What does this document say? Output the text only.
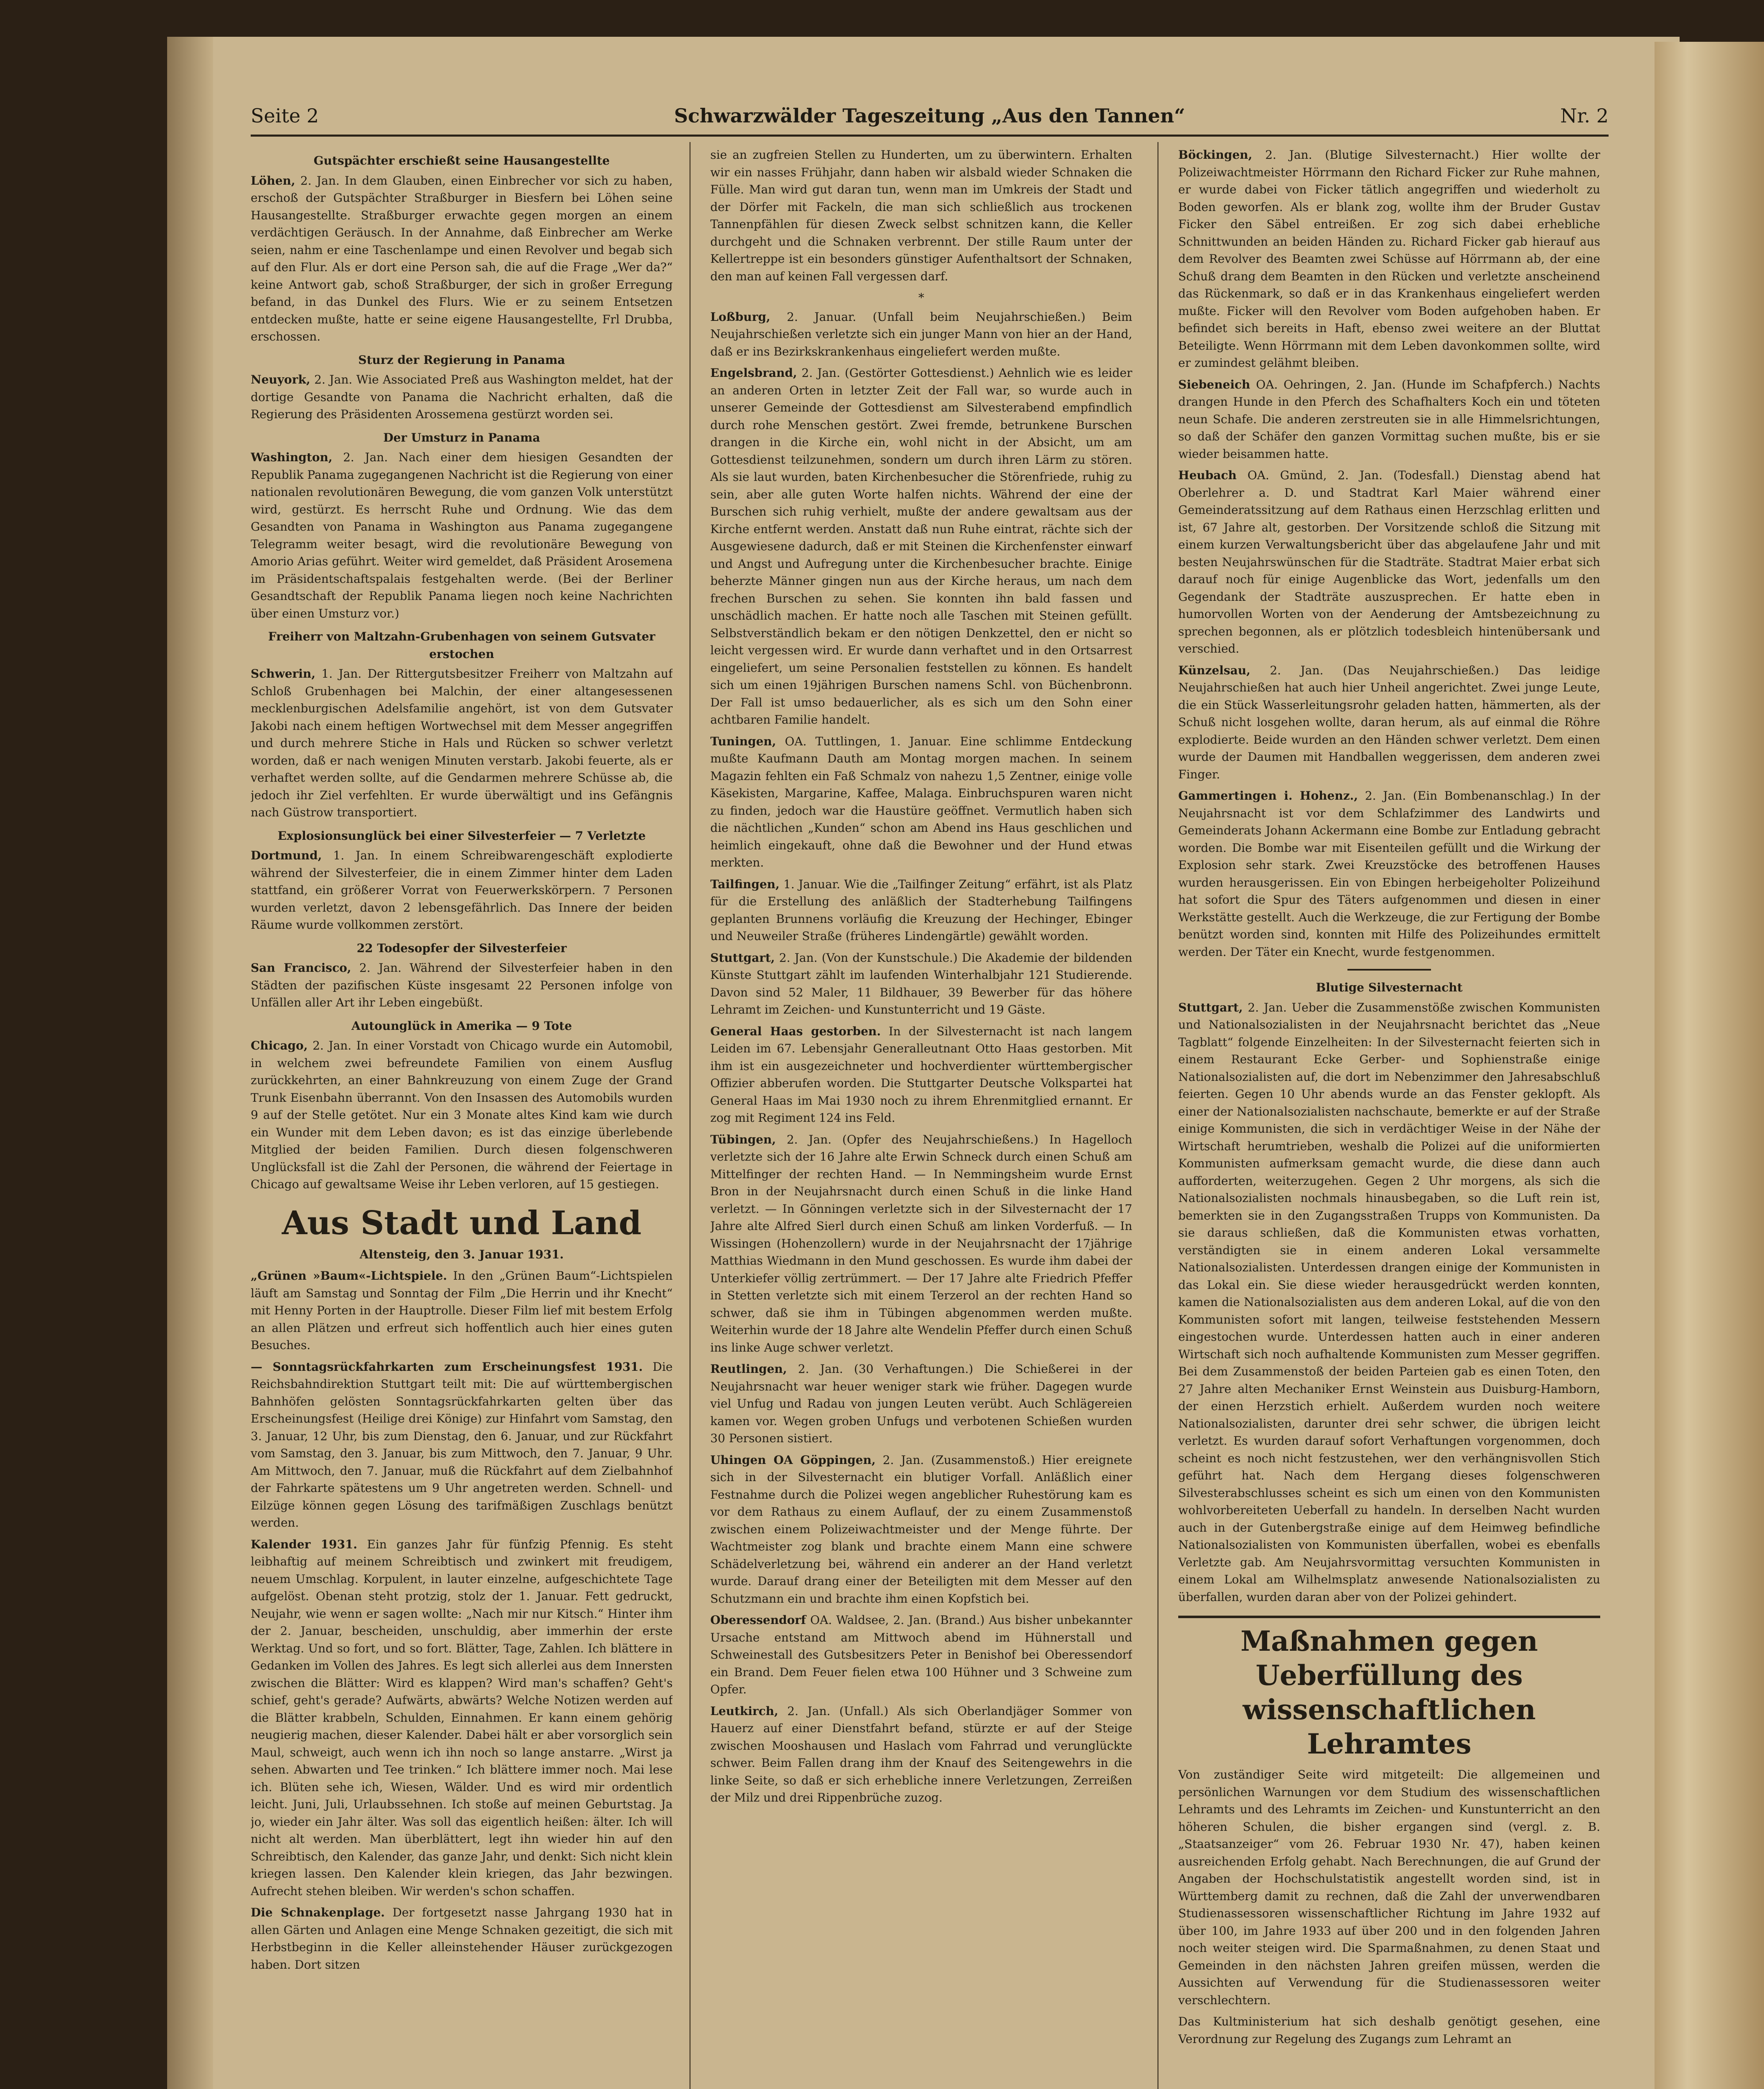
Seite 2	Schwarzwälder Tageszeitung „Aus den Tannen“	Nr. 2
Gutspächter erschießt seine Hausangestellte
Löhen, 2. Jan. In dem Glauben, einen Einbrecher vor sich zu haben, erschoß der Gutspächter Straßburger in Biesfern bei Löhen seine Hausangestellte. Straßburger erwachte gegen morgen an einem verdächtigen Geräusch. In der Annahme, daß Einbrecher am Werke seien, nahm er eine Taschenlampe und einen Revolver und begab sich auf den Flur. Als er dort eine Person sah, die auf die Frage „Wer da?“ keine Antwort gab, schoß Straßburger, der sich in großer Erregung befand, in das Dunkel des Flurs. Wie er zu seinem Entsetzen entdecken mußte, hatte er seine eigene Hausangestellte, Frl Drubba, erschossen.
Sturz der Regierung in Panama
Neuyork, 2. Jan. Wie Associated Preß aus Washington meldet, hat der dortige Gesandte von Panama die Nachricht erhalten, daß die Regierung des Präsidenten Arossemena gestürzt worden sei.
Der Umsturz in Panama
Washington, 2. Jan. Nach einer dem hiesigen Gesandten der Republik Panama zugegangenen Nachricht ist die Regierung von einer nationalen revolutionären Bewegung, die vom ganzen Volk unterstützt wird, gestürzt. Es herrscht Ruhe und Ordnung. Wie das dem Gesandten von Panama in Washington aus Panama zugegangene Telegramm weiter besagt, wird die revolutionäre Bewegung von Amorio Arias geführt. Weiter wird gemeldet, daß Präsident Arosemena im Präsidentschaftspalais festgehalten werde. (Bei der Berliner Gesandtschaft der Republik Panama liegen noch keine Nachrichten über einen Umsturz vor.)
Freiherr von Maltzahn-Grubenhagen von seinem Gutsvater erstochen
Schwerin, 1. Jan. Der Rittergutsbesitzer Freiherr von Maltzahn auf Schloß Grubenhagen bei Malchin, der einer altangesessenen mecklenburgischen Adelsfamilie angehört, ist von dem Gutsvater Jakobi nach einem heftigen Wortwechsel mit dem Messer angegriffen und durch mehrere Stiche in Hals und Rücken so schwer verletzt worden, daß er nach wenigen Minuten verstarb. Jakobi feuerte, als er verhaftet werden sollte, auf die Gendarmen mehrere Schüsse ab, die jedoch ihr Ziel verfehlten. Er wurde überwältigt und ins Gefängnis nach Güstrow transportiert.
Explosionsunglück bei einer Silvesterfeier — 7 Verletzte
Dortmund, 1. Jan. In einem Schreibwarengeschäft explodierte während der Silvesterfeier, die in einem Zimmer hinter dem Laden stattfand, ein größerer Vorrat von Feuerwerkskörpern. 7 Personen wurden verletzt, davon 2 lebensgefährlich. Das Innere der beiden Räume wurde vollkommen zerstört.
22 Todesopfer der Silvesterfeier
San Francisco, 2. Jan. Während der Silvesterfeier haben in den Städten der pazifischen Küste insgesamt 22 Personen infolge von Unfällen aller Art ihr Leben eingebüßt.
Autounglück in Amerika — 9 Tote
Chicago, 2. Jan. In einer Vorstadt von Chicago wurde ein Automobil, in welchem zwei befreundete Familien von einem Ausflug zurückkehrten, an einer Bahnkreuzung von einem Zuge der Grand Trunk Eisenbahn überrannt. Von den Insassen des Automobils wurden 9 auf der Stelle getötet. Nur ein 3 Monate altes Kind kam wie durch ein Wunder mit dem Leben davon; es ist das einzige überlebende Mitglied der beiden Familien. Durch diesen folgenschweren Unglücksfall ist die Zahl der Personen, die während der Feiertage in Chicago auf gewaltsame Weise ihr Leben verloren, auf 15 gestiegen.
Aus Stadt und Land
Altensteig, den 3. Januar 1931.
„Grünen »Baum«-Lichtspiele. In den „Grünen Baum“-Lichtspielen läuft am Samstag und Sonntag der Film „Die Herrin und ihr Knecht“ mit Henny Porten in der Hauptrolle. Dieser Film lief mit bestem Erfolg an allen Plätzen und erfreut sich hoffentlich auch hier eines guten Besuches.
— Sonntagsrückfahrkarten zum Erscheinungsfest 1931. Die Reichsbahndirektion Stuttgart teilt mit: Die auf württembergischen Bahnhöfen gelösten Sonntagsrückfahrkarten gelten über das Erscheinungsfest (Heilige drei Könige) zur Hinfahrt vom Samstag, den 3. Januar, 12 Uhr, bis zum Dienstag, den 6. Januar, und zur Rückfahrt vom Samstag, den 3. Januar, bis zum Mittwoch, den 7. Januar, 9 Uhr. Am Mittwoch, den 7. Januar, muß die Rückfahrt auf dem Zielbahnhof der Fahrkarte spätestens um 9 Uhr angetreten werden. Schnell- und Eilzüge können gegen Lösung des tarifmäßigen Zuschlags benützt werden.
Kalender 1931. Ein ganzes Jahr für fünfzig Pfennig. Es steht leibhaftig auf meinem Schreibtisch und zwinkert mit freudigem, neuem Umschlag. Korpulent, in lauter einzelne, aufgeschichtete Tage aufgelöst. Obenan steht protzig, stolz der 1. Januar. Fett gedruckt, Neujahr, wie wenn er sagen wollte: „Nach mir nur Kitsch.“ Hinter ihm der 2. Januar, bescheiden, unschuldig, aber immerhin der erste Werktag. Und so fort, und so fort. Blätter, Tage, Zahlen. Ich blättere in Gedanken im Vollen des Jahres. Es legt sich allerlei aus dem Innersten zwischen die Blätter: Wird es klappen? Wird man's schaffen? Geht's schief, geht's gerade? Aufwärts, abwärts? Welche Notizen werden auf die Blätter krabbeln, Schulden, Einnahmen. Er kann einem gehörig neugierig machen, dieser Kalender. Dabei hält er aber vorsorglich sein Maul, schweigt, auch wenn ich ihn noch so lange anstarre. „Wirst ja sehen. Abwarten und Tee trinken.“ Ich blättere immer noch. Mai lese ich. Blüten sehe ich, Wiesen, Wälder. Und es wird mir ordentlich leicht. Juni, Juli, Urlaubssehnen. Ich stoße auf meinen Geburtstag. Ja jo, wieder ein Jahr älter. Was soll das eigentlich heißen: älter. Ich will nicht alt werden. Man überblättert, legt ihn wieder hin auf den Schreibtisch, den Kalender, das ganze Jahr, und denkt: Sich nicht klein kriegen lassen. Den Kalender klein kriegen, das Jahr bezwingen. Aufrecht stehen bleiben. Wir werden's schon schaffen.
Die Schnakenplage. Der fortgesetzt nasse Jahrgang 1930 hat in allen Gärten und Anlagen eine Menge Schnaken gezeitigt, die sich mit Herbstbeginn in die Keller alleinstehender Häuser zurückgezogen haben. Dort sitzen
sie an zugfreien Stellen zu Hunderten, um zu überwintern. Erhalten wir ein nasses Frühjahr, dann haben wir alsbald wieder Schnaken die Fülle. Man wird gut daran tun, wenn man im Umkreis der Stadt und der Dörfer mit Fackeln, die man sich schließlich aus trockenen Tannenpfählen für diesen Zweck selbst schnitzen kann, die Keller durchgeht und die Schnaken verbrennt. Der stille Raum unter der Kellertreppe ist ein besonders günstiger Aufenthaltsort der Schnaken, den man auf keinen Fall vergessen darf.
*
Loßburg, 2. Januar. (Unfall beim Neujahrschießen.) Beim Neujahrschießen verletzte sich ein junger Mann von hier an der Hand, daß er ins Bezirkskrankenhaus eingeliefert werden mußte.
Engelsbrand, 2. Jan. (Gestörter Gottesdienst.) Aehnlich wie es leider an anderen Orten in letzter Zeit der Fall war, so wurde auch in unserer Gemeinde der Gottesdienst am Silvesterabend empfindlich durch rohe Menschen gestört. Zwei fremde, betrunkene Burschen drangen in die Kirche ein, wohl nicht in der Absicht, um am Gottesdienst teilzunehmen, sondern um durch ihren Lärm zu stören. Als sie laut wurden, baten Kirchenbesucher die Störenfriede, ruhig zu sein, aber alle guten Worte halfen nichts. Während der eine der Burschen sich ruhig verhielt, mußte der andere gewaltsam aus der Kirche entfernt werden. Anstatt daß nun Ruhe eintrat, rächte sich der Ausgewiesene dadurch, daß er mit Steinen die Kirchenfenster einwarf und Angst und Aufregung unter die Kirchenbesucher brachte. Einige beherzte Männer gingen nun aus der Kirche heraus, um nach dem frechen Burschen zu sehen. Sie konnten ihn bald fassen und unschädlich machen. Er hatte noch alle Taschen mit Steinen gefüllt. Selbstverständlich bekam er den nötigen Denkzettel, den er nicht so leicht vergessen wird. Er wurde dann verhaftet und in den Ortsarrest eingeliefert, um seine Personalien feststellen zu können. Es handelt sich um einen 19jährigen Burschen namens Schl. von Büchenbronn. Der Fall ist umso bedauerlicher, als es sich um den Sohn einer achtbaren Familie handelt.
Tuningen, OA. Tuttlingen, 1. Januar. Eine schlimme Entdeckung mußte Kaufmann Dauth am Montag morgen machen. In seinem Magazin fehlten ein Faß Schmalz von nahezu 1,5 Zentner, einige volle Käsekisten, Margarine, Kaffee, Malaga. Einbruchspuren waren nicht zu finden, jedoch war die Haustüre geöffnet. Vermutlich haben sich die nächtlichen „Kunden“ schon am Abend ins Haus geschlichen und heimlich eingekauft, ohne daß die Bewohner und der Hund etwas merkten.
Tailfingen, 1. Januar. Wie die „Tailfinger Zeitung“ erfährt, ist als Platz für die Erstellung des anläßlich der Stadterhebung Tailfingens geplanten Brunnens vorläufig die Kreuzung der Hechinger, Ebinger und Neuweiler Straße (früheres Lindengärtle) gewählt worden.
Stuttgart, 2. Jan. (Von der Kunstschule.) Die Akademie der bildenden Künste Stuttgart zählt im laufenden Winterhalbjahr 121 Studierende. Davon sind 52 Maler, 11 Bildhauer, 39 Bewerber für das höhere Lehramt im Zeichen- und Kunstunterricht und 19 Gäste.
General Haas gestorben. In der Silvesternacht ist nach langem Leiden im 67. Lebensjahr Generalleutnant Otto Haas gestorben. Mit ihm ist ein ausgezeichneter und hochverdienter württembergischer Offizier abberufen worden. Die Stuttgarter Deutsche Volkspartei hat General Haas im Mai 1930 noch zu ihrem Ehrenmitglied ernannt. Er zog mit Regiment 124 ins Feld.
Tübingen, 2. Jan. (Opfer des Neujahrschießens.) In Hagelloch verletzte sich der 16 Jahre alte Erwin Schneck durch einen Schuß am Mittelfinger der rechten Hand. — In Nemmingsheim wurde Ernst Bron in der Neujahrsnacht durch einen Schuß in die linke Hand verletzt. — In Gönningen verletzte sich in der Silvesternacht der 17 Jahre alte Alfred Sierl durch einen Schuß am linken Vorderfuß. — In Wissingen (Hohenzollern) wurde in der Neujahrsnacht der 17jährige Matthias Wiedmann in den Mund geschossen. Es wurde ihm dabei der Unterkiefer völlig zertrümmert. — Der 17 Jahre alte Friedrich Pfeffer in Stetten verletzte sich mit einem Terzerol an der rechten Hand so schwer, daß sie ihm in Tübingen abgenommen werden mußte. Weiterhin wurde der 18 Jahre alte Wendelin Pfeffer durch einen Schuß ins linke Auge schwer verletzt.
Reutlingen, 2. Jan. (30 Verhaftungen.) Die Schießerei in der Neujahrsnacht war heuer weniger stark wie früher. Dagegen wurde viel Unfug und Radau von jungen Leuten verübt. Auch Schlägereien kamen vor. Wegen groben Unfugs und verbotenen Schießen wurden 30 Personen sistiert.
Uhingen OA Göppingen, 2. Jan. (Zusammenstoß.) Hier ereignete sich in der Silvesternacht ein blutiger Vorfall. Anläßlich einer Festnahme durch die Polizei wegen angeblicher Ruhestörung kam es vor dem Rathaus zu einem Auflauf, der zu einem Zusammenstoß zwischen einem Polizeiwachtmeister und der Menge führte. Der Wachtmeister zog blank und brachte einem Mann eine schwere Schädelverletzung bei, während ein anderer an der Hand verletzt wurde. Darauf drang einer der Beteiligten mit dem Messer auf den Schutzmann ein und brachte ihm einen Kopfstich bei.
Oberessendorf OA. Waldsee, 2. Jan. (Brand.) Aus bisher unbekannter Ursache entstand am Mittwoch abend im Hühnerstall und Schweinestall des Gutsbesitzers Peter in Benishof bei Oberessendorf ein Brand. Dem Feuer fielen etwa 100 Hühner und 3 Schweine zum Opfer.
Leutkirch, 2. Jan. (Unfall.) Als sich Oberlandjäger Sommer von Hauerz auf einer Dienstfahrt befand, stürzte er auf der Steige zwischen Mooshausen und Haslach vom Fahrrad und verunglückte schwer. Beim Fallen drang ihm der Knauf des Seitengewehrs in die linke Seite, so daß er sich erhebliche innere Verletzungen, Zerreißen der Milz und drei Rippenbrüche zuzog.
Böckingen, 2. Jan. (Blutige Silvesternacht.) Hier wollte der Polizeiwachtmeister Hörrmann den Richard Ficker zur Ruhe mahnen, er wurde dabei von Ficker tätlich angegriffen und wiederholt zu Boden geworfen. Als er blank zog, wollte ihm der Bruder Gustav Ficker den Säbel entreißen. Er zog sich dabei erhebliche Schnittwunden an beiden Händen zu. Richard Ficker gab hierauf aus dem Revolver des Beamten zwei Schüsse auf Hörrmann ab, der eine Schuß drang dem Beamten in den Rücken und verletzte anscheinend das Rückenmark, so daß er in das Krankenhaus eingeliefert werden mußte. Ficker will den Revolver vom Boden aufgehoben haben. Er befindet sich bereits in Haft, ebenso zwei weitere an der Bluttat Beteiligte. Wenn Hörrmann mit dem Leben davonkommen sollte, wird er zumindest gelähmt bleiben.
Siebeneich OA. Oehringen, 2. Jan. (Hunde im Schafpferch.) Nachts drangen Hunde in den Pferch des Schafhalters Koch ein und töteten neun Schafe. Die anderen zerstreuten sie in alle Himmelsrichtungen, so daß der Schäfer den ganzen Vormittag suchen mußte, bis er sie wieder beisammen hatte.
Heubach OA. Gmünd, 2. Jan. (Todesfall.) Dienstag abend hat Oberlehrer a. D. und Stadtrat Karl Maier während einer Gemeinderatssitzung auf dem Rathaus einen Herzschlag erlitten und ist, 67 Jahre alt, gestorben. Der Vorsitzende schloß die Sitzung mit einem kurzen Verwaltungsbericht über das abgelaufene Jahr und mit besten Neujahrswünschen für die Stadträte. Stadtrat Maier erbat sich darauf noch für einige Augenblicke das Wort, jedenfalls um den Gegendank der Stadträte auszusprechen. Er hatte eben in humorvollen Worten von der Aenderung der Amtsbezeichnung zu sprechen begonnen, als er plötzlich todesbleich hintenübersank und verschied.
Künzelsau, 2. Jan. (Das Neujahrschießen.) Das leidige Neujahrschießen hat auch hier Unheil angerichtet. Zwei junge Leute, die ein Stück Wasserleitungsrohr geladen hatten, hämmerten, als der Schuß nicht losgehen wollte, daran herum, als auf einmal die Röhre explodierte. Beide wurden an den Händen schwer verletzt. Dem einen wurde der Daumen mit Handballen weggerissen, dem anderen zwei Finger.
Gammertingen i. Hohenz., 2. Jan. (Ein Bombenanschlag.) In der Neujahrsnacht ist vor dem Schlafzimmer des Landwirts und Gemeinderats Johann Ackermann eine Bombe zur Entladung gebracht worden. Die Bombe war mit Eisenteilen gefüllt und die Wirkung der Explosion sehr stark. Zwei Kreuzstöcke des betroffenen Hauses wurden herausgerissen. Ein von Ebingen herbeigeholter Polizeihund hat sofort die Spur des Täters aufgenommen und diesen in einer Werkstätte gestellt. Auch die Werkzeuge, die zur Fertigung der Bombe benützt worden sind, konnten mit Hilfe des Polizeihundes ermittelt werden. Der Täter ein Knecht, wurde festgenommen.
Blutige Silvesternacht
Stuttgart, 2. Jan. Ueber die Zusammenstöße zwischen Kommunisten und Nationalsozialisten in der Neujahrsnacht berichtet das „Neue Tagblatt“ folgende Einzelheiten: In der Silvesternacht feierten sich in einem Restaurant Ecke Gerber- und Sophienstraße einige Nationalsozialisten auf, die dort im Nebenzimmer den Jahresabschluß feierten. Gegen 10 Uhr abends wurde an das Fenster geklopft. Als einer der Nationalsozialisten nachschaute, bemerkte er auf der Straße einige Kommunisten, die sich in verdächtiger Weise in der Nähe der Wirtschaft herumtrieben, weshalb die Polizei auf die uniformierten Kommunisten aufmerksam gemacht wurde, die diese dann auch aufforderten, weiterzugehen. Gegen 2 Uhr morgens, als sich die Nationalsozialisten nochmals hinausbegaben, so die Luft rein ist, bemerkten sie in den Zugangsstraßen Trupps von Kommunisten. Da sie daraus schließen, daß die Kommunisten etwas vorhatten, verständigten sie in einem anderen Lokal versammelte Nationalsozialisten. Unterdessen drangen einige der Kommunisten in das Lokal ein. Sie diese wieder herausgedrückt werden konnten, kamen die Nationalsozialisten aus dem anderen Lokal, auf die von den Kommunisten sofort mit langen, teilweise feststehenden Messern eingestochen wurde. Unterdessen hatten auch in einer anderen Wirtschaft sich noch aufhaltende Kommunisten zum Messer gegriffen. Bei dem Zusammenstoß der beiden Parteien gab es einen Toten, den 27 Jahre alten Mechaniker Ernst Weinstein aus Duisburg-Hamborn, der einen Herzstich erhielt. Außerdem wurden noch weitere Nationalsozialisten, darunter drei sehr schwer, die übrigen leicht verletzt. Es wurden darauf sofort Verhaftungen vorgenommen, doch scheint es noch nicht festzustehen, wer den verhängnisvollen Stich geführt hat. Nach dem Hergang dieses folgenschweren Silvesterabschlusses scheint es sich um einen von den Kommunisten wohlvorbereiteten Ueberfall zu handeln. In derselben Nacht wurden auch in der Gutenbergstraße einige auf dem Heimweg befindliche Nationalsozialisten von Kommunisten überfallen, wobei es ebenfalls Verletzte gab. Am Neujahrsvormittag versuchten Kommunisten in einem Lokal am Wilhelmsplatz anwesende Nationalsozialisten zu überfallen, wurden daran aber von der Polizei gehindert.
Maßnahmen gegen Ueberfüllung des wissenschaftlichen Lehramtes
Von zuständiger Seite wird mitgeteilt: Die allgemeinen und persönlichen Warnungen vor dem Studium des wissenschaftlichen Lehramts und des Lehramts im Zeichen- und Kunstunterricht an den höheren Schulen, die bisher ergangen sind (vergl. z. B. „Staatsanzeiger“ vom 26. Februar 1930 Nr. 47), haben keinen ausreichenden Erfolg gehabt. Nach Berechnungen, die auf Grund der Angaben der Hochschulstatistik angestellt worden sind, ist in Württemberg damit zu rechnen, daß die Zahl der unverwendbaren Studienassessoren wissenschaftlicher Richtung im Jahre 1932 auf über 100, im Jahre 1933 auf über 200 und in den folgenden Jahren noch weiter steigen wird. Die Sparmaßnahmen, zu denen Staat und Gemeinden in den nächsten Jahren greifen müssen, werden die Aussichten auf Verwendung für die Studienassessoren weiter verschlechtern.
Das Kultministerium hat sich deshalb genötigt gesehen, eine Verordnung zur Regelung des Zugangs zum Lehramt an
